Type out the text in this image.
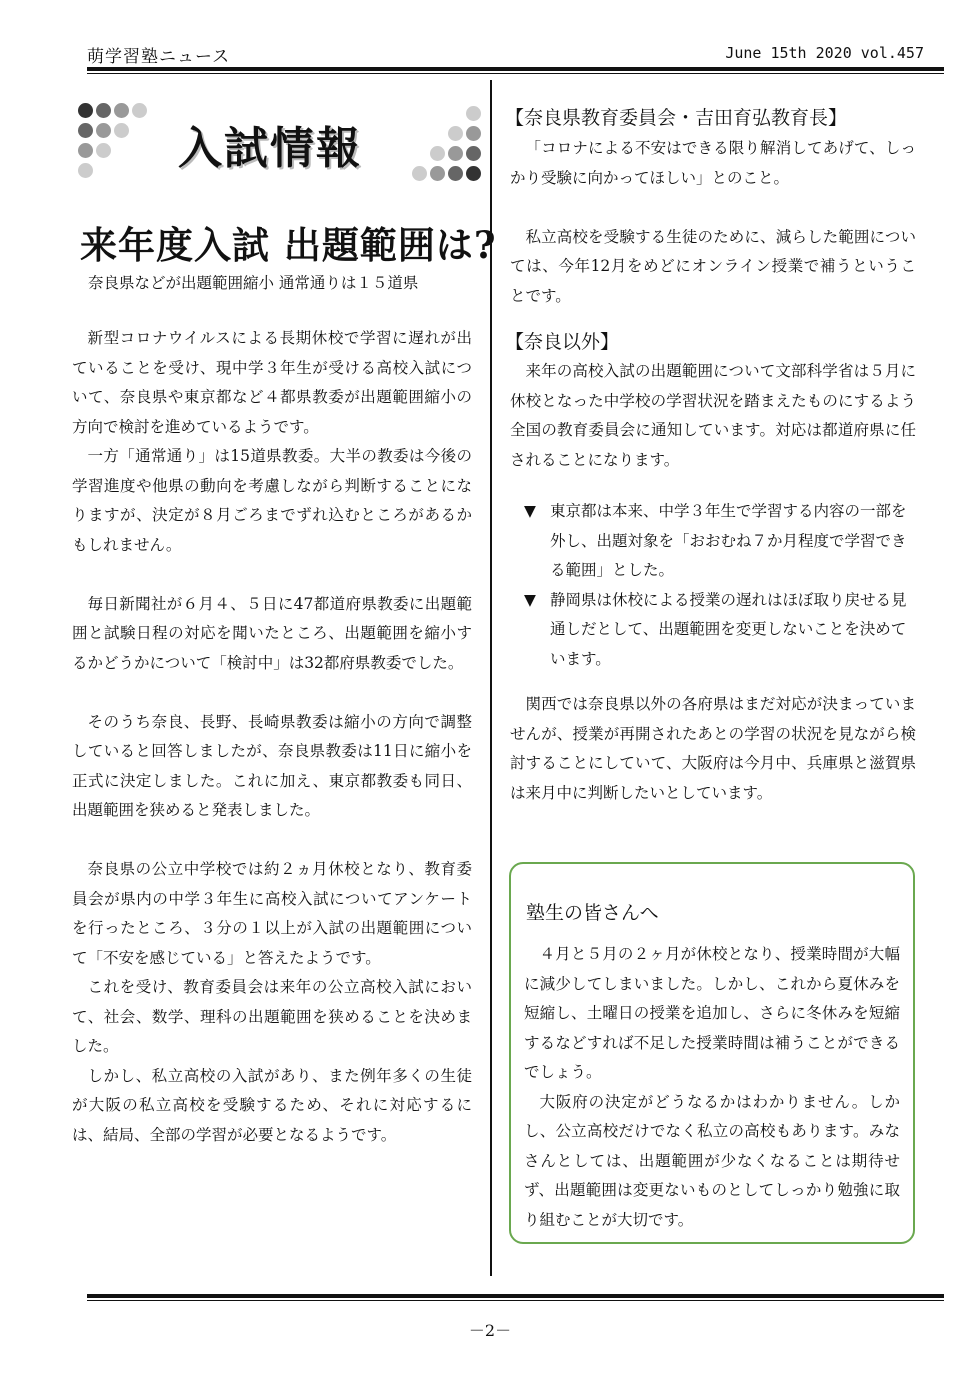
萌学習塾ニュース	June 15th 2020 vol.457
入試情報
来年度入試 出題範囲は?
奈良県などが出題範囲縮小 通常通りは１５道県

新型コロナウイルスによる長期休校で学習に遅れが出ていることを受け、現中学３年生が受ける高校入試について、奈良県や東京都など４都県教委が出題範囲縮小の方向で検討を進めているようです。

一方「通常通り」は15道県教委。大半の教委は今後の学習進度や他県の動向を考慮しながら判断することになりますが、決定が８月ごろまでずれ込むところがあるかもしれません。

毎日新聞社が６月４、５日に47都道府県教委に出題範囲と試験日程の対応を聞いたところ、出題範囲を縮小するかどうかについて「検討中」は32都府県教委でした。

そのうち奈良、長野、長崎県教委は縮小の方向で調整していると回答しましたが、奈良県教委は11日に縮小を正式に決定しました。これに加え、東京都教委も同日、出題範囲を狭めると発表しました。

奈良県の公立中学校では約２ヵ月休校となり、教育委員会が県内の中学３年生に高校入試についてアンケートを行ったところ、３分の１以上が入試の出題範囲について「不安を感じている」と答えたようです。

これを受け、教育委員会は来年の公立高校入試において、社会、数学、理科の出題範囲を狭めることを決めました。

しかし、私立高校の入試があり、また例年多くの生徒が大阪の私立高校を受験するため、それに対応するには、結局、全部の学習が必要となるようです。

【奈良県教育委員会・吉田育弘教育長】

「コロナによる不安はできる限り解消してあげて、しっかり受験に向かってほしい」とのこと。

私立高校を受験する生徒のために、減らした範囲については、今年12月をめどにオンライン授業で補うということです。

【奈良以外】

来年の高校入試の出題範囲について文部科学省は５月に休校となった中学校の学習状況を踏まえたものにするよう全国の教育委員会に通知しています。対応は都道府県に任されることになります。

▼ 東京都は本来、中学３年生で学習する内容の一部を外し、出題対象を「おおむね７か月程度で学習できる範囲」とした。
▼ 静岡県は休校による授業の遅れはほぼ取り戻せる見通しだとして、出題範囲を変更しないことを決めています。

関西では奈良県以外の各府県はまだ対応が決まっていませんが、授業が再開されたあとの学習の状況を見ながら検討することにしていて、大阪府は今月中、兵庫県と滋賀県は来月中に判断したいとしています。

塾生の皆さんへ

４月と５月の２ヶ月が休校となり、授業時間が大幅に減少してしまいました。しかし、これから夏休みを短縮し、土曜日の授業を追加し、さらに冬休みを短縮するなどすれば不足した授業時間は補うことができるでしょう。

大阪府の決定がどうなるかはわかりません。しかし、公立高校だけでなく私立の高校もあります。みなさんとしては、出題範囲が少なくなることは期待せず、出題範囲は変更ないものとしてしっかり勉強に取り組むことが大切です。

－2－
